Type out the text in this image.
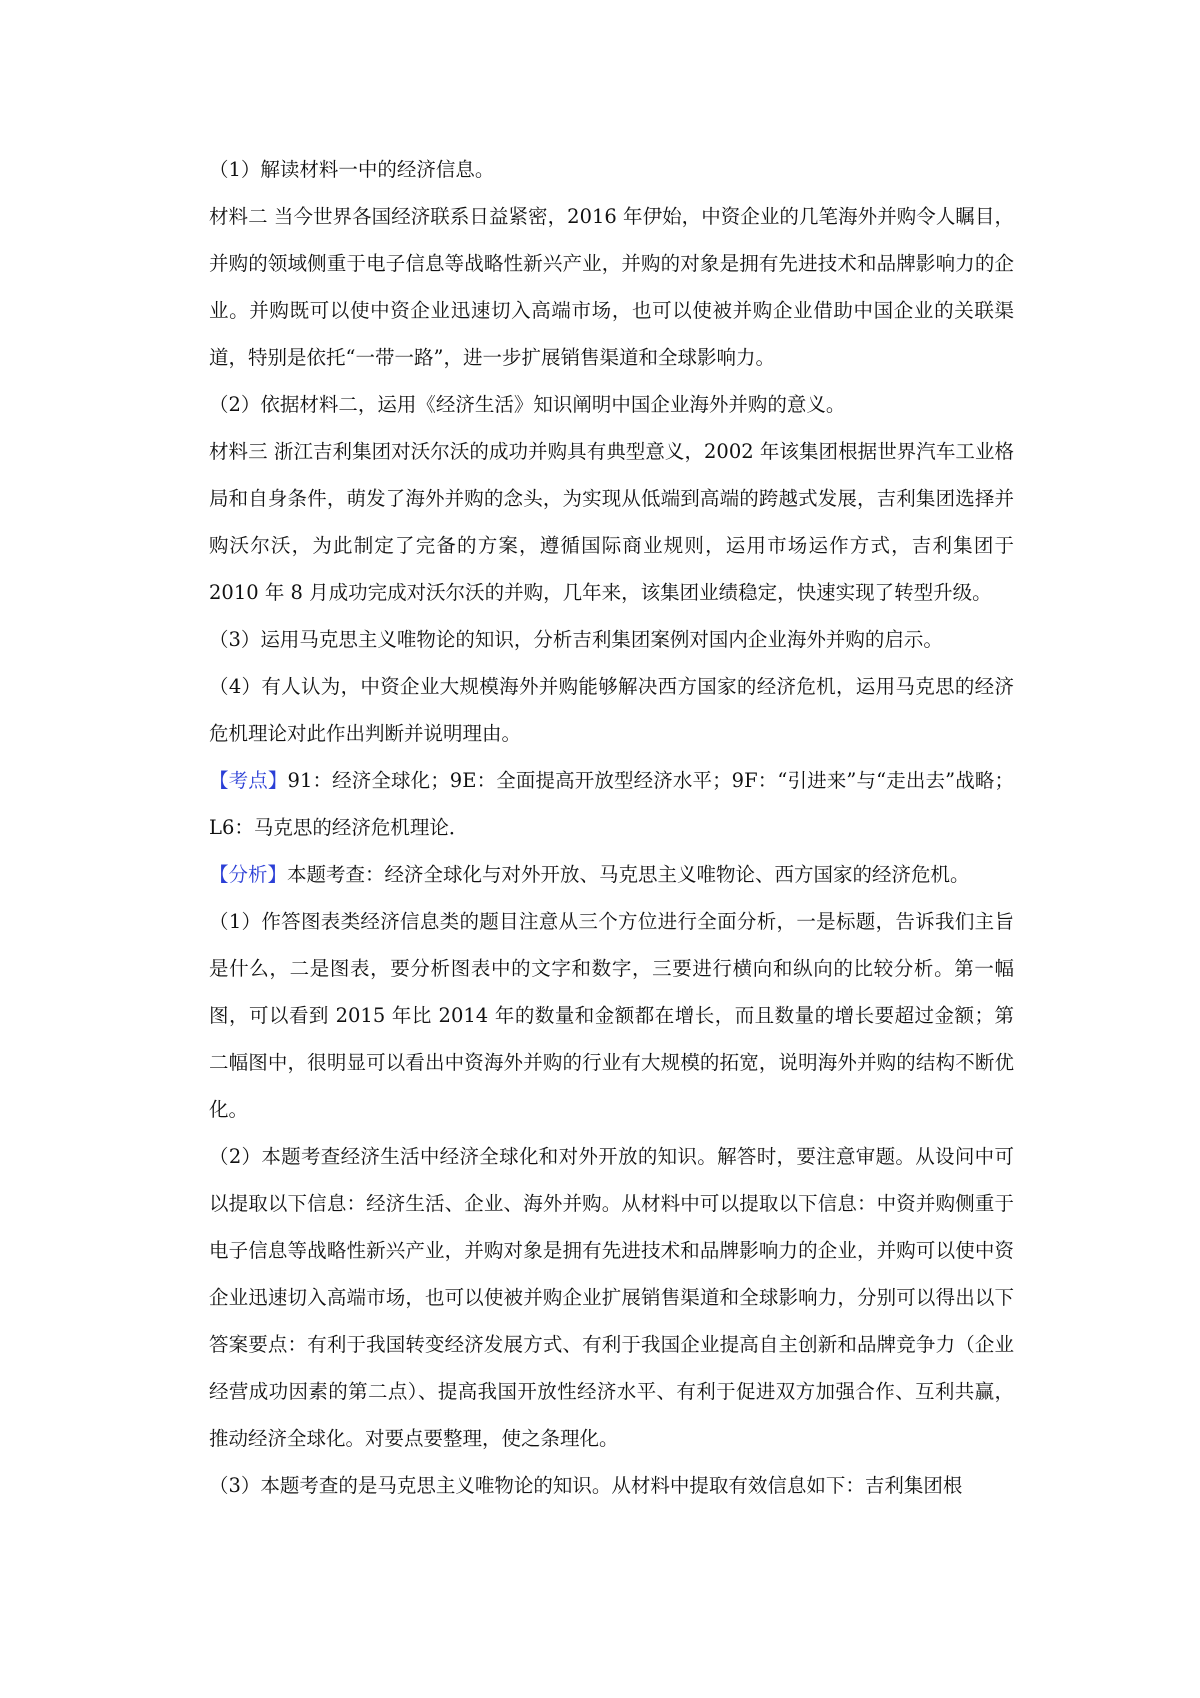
（1）解读材料一中的经济信息。

材料二 当今世界各国经济联系日益紧密，2016 年伊始，中资企业的几笔海外并购令人瞩目，并购的领域侧重于电子信息等战略性新兴产业，并购的对象是拥有先进技术和品牌影响力的企业。并购既可以使中资企业迅速切入高端市场，也可以使被并购企业借助中国企业的关联渠道，特别是依托“一带一路”，进一步扩展销售渠道和全球影响力。

（2）依据材料二，运用《经济生活》知识阐明中国企业海外并购的意义。

材料三 浙江吉利集团对沃尔沃的成功并购具有典型意义，2002 年该集团根据世界汽车工业格局和自身条件，萌发了海外并购的念头，为实现从低端到高端的跨越式发展，吉利集团选择并购沃尔沃，为此制定了完备的方案，遵循国际商业规则，运用市场运作方式，吉利集团于 2010 年 8 月成功完成对沃尔沃的并购，几年来，该集团业绩稳定，快速实现了转型升级。

（3）运用马克思主义唯物论的知识，分析吉利集团案例对国内企业海外并购的启示。

（4）有人认为，中资企业大规模海外并购能够解决西方国家的经济危机，运用马克思的经济危机理论对此作出判断并说明理由。

【考点】91：经济全球化；9E：全面提高开放型经济水平；9F：“引进来”与“走出去”战略；L6：马克思的经济危机理论．

【分析】本题考查：经济全球化与对外开放、马克思主义唯物论、西方国家的经济危机。

（1）作答图表类经济信息类的题目注意从三个方位进行全面分析，一是标题，告诉我们主旨是什么，二是图表，要分析图表中的文字和数字，三要进行横向和纵向的比较分析。第一幅图，可以看到 2015 年比 2014 年的数量和金额都在增长，而且数量的增长要超过金额；第二幅图中，很明显可以看出中资海外并购的行业有大规模的拓宽，说明海外并购的结构不断优化。

（2）本题考查经济生活中经济全球化和对外开放的知识。解答时，要注意审题。从设问中可以提取以下信息：经济生活、企业、海外并购。从材料中可以提取以下信息：中资并购侧重于电子信息等战略性新兴产业，并购对象是拥有先进技术和品牌影响力的企业，并购可以使中资企业迅速切入高端市场，也可以使被并购企业扩展销售渠道和全球影响力，分别可以得出以下答案要点：有利于我国转变经济发展方式、有利于我国企业提高自主创新和品牌竞争力（企业经营成功因素的第二点）、提高我国开放性经济水平、有利于促进双方加强合作、互利共赢，推动经济全球化。对要点要整理，使之条理化。

（3）本题考查的是马克思主义唯物论的知识。从材料中提取有效信息如下：吉利集团根
